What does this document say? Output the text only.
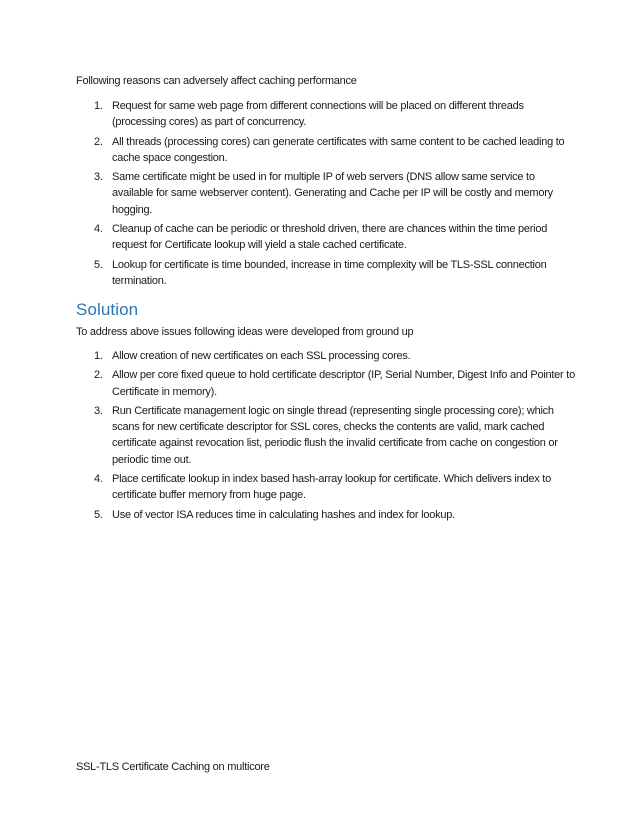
Following reasons can adversely affect caching performance
1. Request for same web page from different connections will be placed on different threads (processing cores) as part of concurrency.
2. All threads (processing cores) can generate certificates with same content to be cached leading to cache space congestion.
3. Same certificate might be used in for multiple IP of web servers (DNS allow same service to available for same webserver content). Generating and Cache per IP will be costly and memory hogging.
4. Cleanup of cache can be periodic or threshold driven, there are chances within the time period request for Certificate lookup will yield a stale cached certificate.
5. Lookup for certificate is time bounded, increase in time complexity will be TLS-SSL connection termination.
Solution
To address above issues following ideas were developed from ground up
1. Allow creation of new certificates on each SSL processing cores.
2. Allow per core fixed queue to hold certificate descriptor (IP, Serial Number, Digest Info and Pointer to Certificate in memory).
3. Run Certificate management logic on single thread (representing single processing core); which scans for new certificate descriptor for SSL cores, checks the contents are valid, mark cached certificate against revocation list, periodic flush the invalid certificate from cache on congestion or periodic time out.
4. Place certificate lookup in index based hash-array lookup for certificate. Which delivers index to certificate buffer memory from huge page.
5. Use of vector ISA reduces time in calculating hashes and index for lookup.
SSL-TLS Certificate Caching on multicore
